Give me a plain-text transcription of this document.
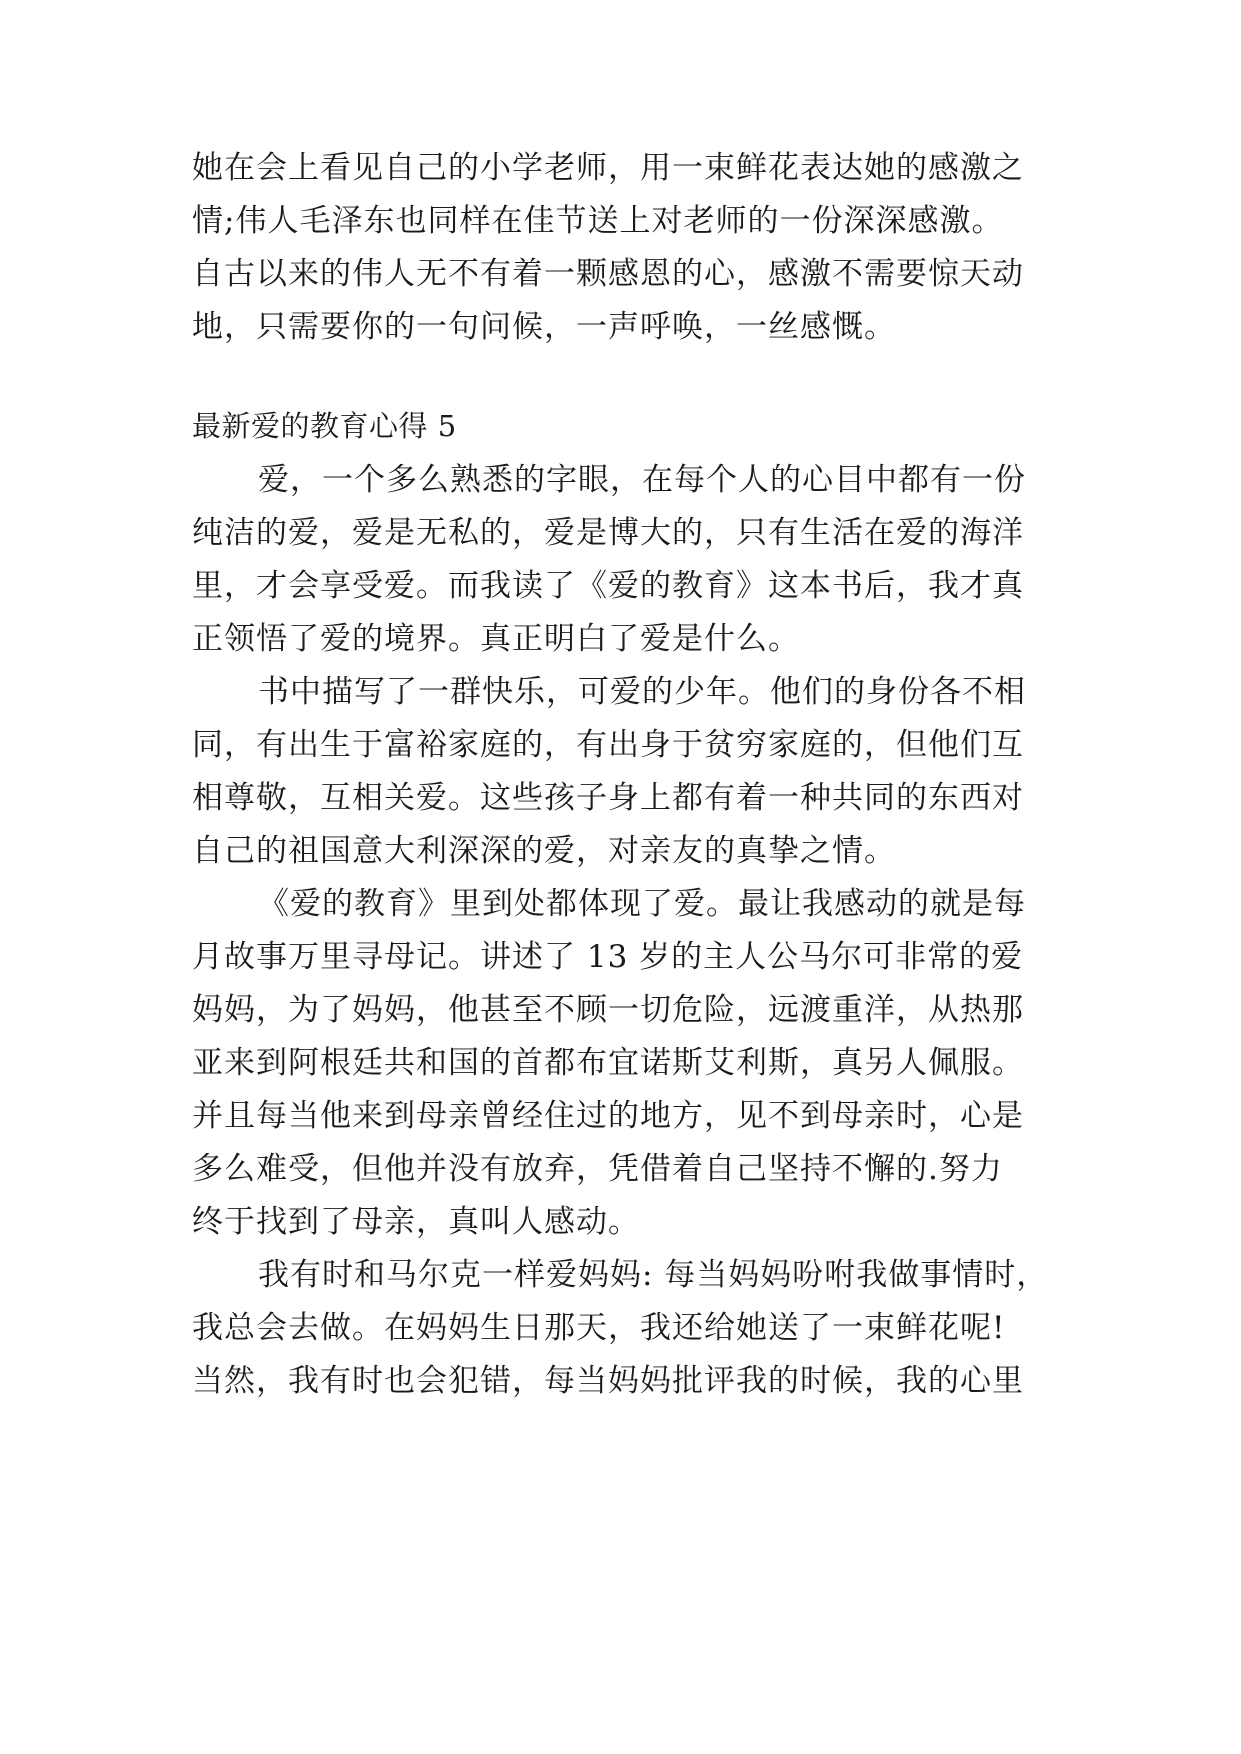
她在会上看见自己的小学老师，用一束鲜花表达她的感激之
情;伟人毛泽东也同样在佳节送上对老师的一份深深感激。
自古以来的伟人无不有着一颗感恩的心，感激不需要惊天动
地，只需要你的一句问候，一声呼唤，一丝感慨。
最新爱的教育心得 5
爱，一个多么熟悉的字眼，在每个人的心目中都有一份
纯洁的爱，爱是无私的，爱是博大的，只有生活在爱的海洋
里，才会享受爱。而我读了《爱的教育》这本书后，我才真
正领悟了爱的境界。真正明白了爱是什么。
书中描写了一群快乐，可爱的少年。他们的身份各不相
同，有出生于富裕家庭的，有出身于贫穷家庭的，但他们互
相尊敬，互相关爱。这些孩子身上都有着一种共同的东西对
自己的祖国意大利深深的爱，对亲友的真挚之情。
《爱的教育》里到处都体现了爱。最让我感动的就是每
月故事万里寻母记。讲述了 13 岁的主人公马尔可非常的爱
妈妈，为了妈妈，他甚至不顾一切危险，远渡重洋，从热那
亚来到阿根廷共和国的首都布宜诺斯艾利斯，真另人佩服。
并且每当他来到母亲曾经住过的地方，见不到母亲时，心是
多么难受，但他并没有放弃，凭借着自己坚持不懈的.努力
终于找到了母亲，真叫人感动。
我有时和马尔克一样爱妈妈: 每当妈妈吩咐我做事情时，
我总会去做。在妈妈生日那天，我还给她送了一束鲜花呢!
当然，我有时也会犯错，每当妈妈批评我的时候，我的心里
